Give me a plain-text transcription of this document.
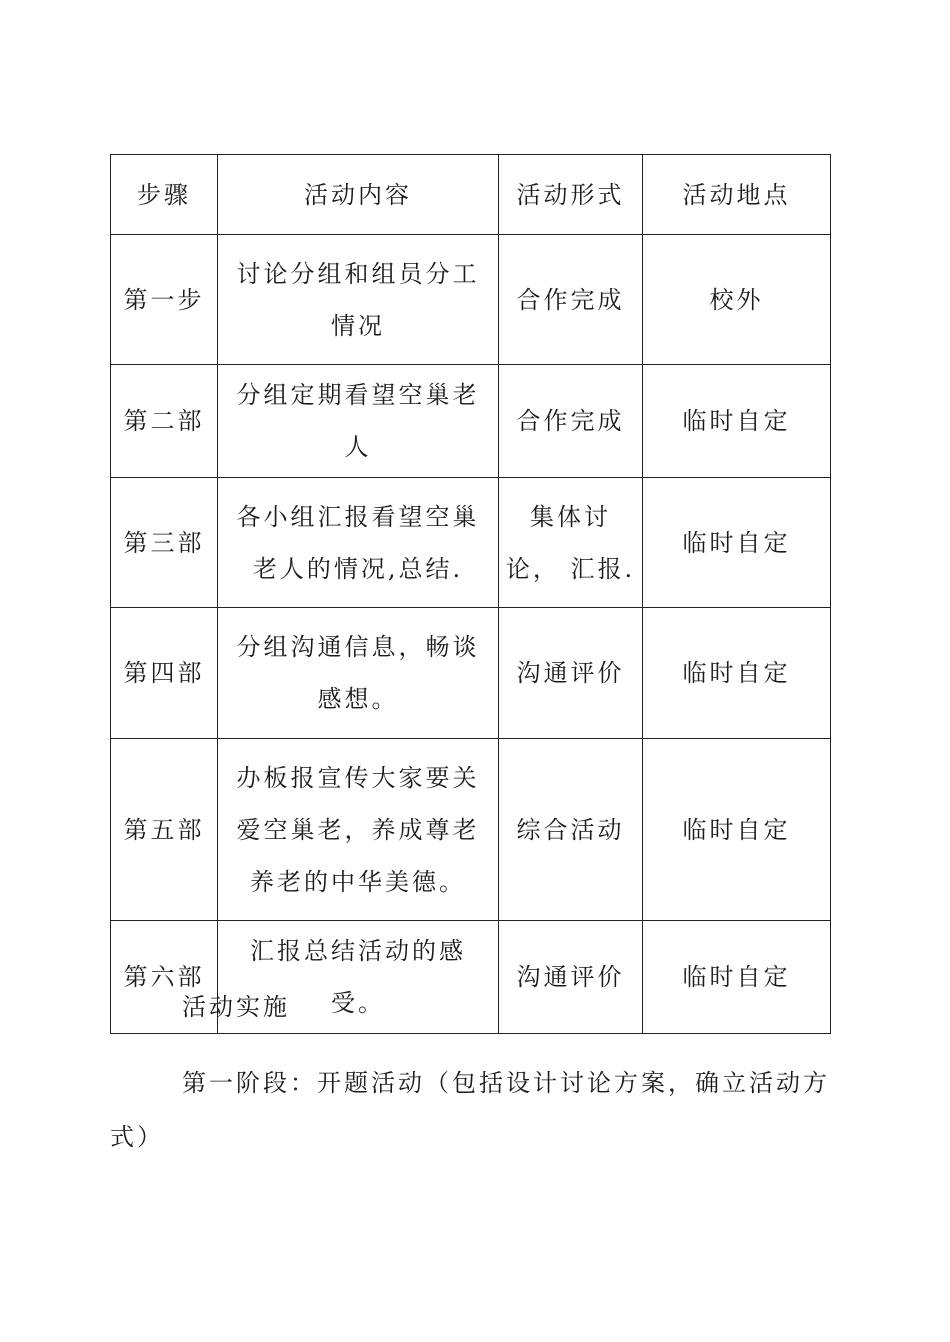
步骤	活动内容	活动形式	活动地点
第一步	讨论分组和组员分工情况	合作完成	校外
第二部	分组定期看望空巢老人	合作完成	临时自定
第三部	各小组汇报看望空巢老人的情况,总结.	集体讨论， 汇报.	临时自定
第四部	分组沟通信息，畅谈感想。	沟通评价	临时自定
第五部	办板报宣传大家要关爱空巢老，养成尊老养老的中华美德。	综合活动	临时自定
第六部	汇报总结活动的感受。	沟通评价	临时自定

活动实施

第一阶段：开题活动（包括设计讨论方案，确立活动方式）
